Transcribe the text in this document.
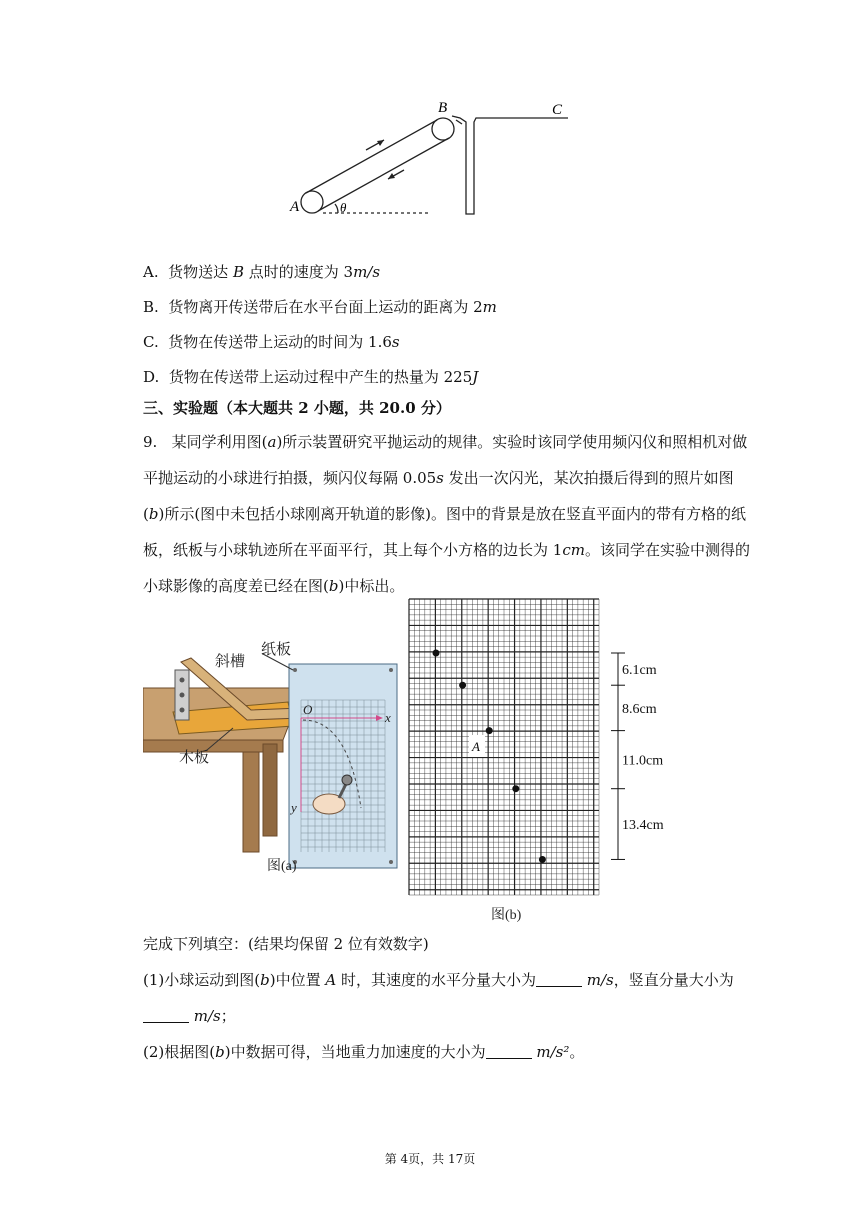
A
B	C
θ
A. 货物送达 B 点时的速度为 3m/s
B. 货物离开传送带后在水平台面上运动的距离为 2m
C. 货物在传送带上运动的时间为 1.6s
D. 货物在传送带上运动过程中产生的热量为 225J
三、实验题（本大题共 2 小题，共 20.0 分）
9. 某同学利用图(a)所示装置研究平抛运动的规律。实验时该同学使用频闪仪和照相机对做平抛运动的小球进行拍摄，频闪仪每隔 0.05s 发出一次闪光，某次拍摄后得到的照片如图(b)所示(图中未包括小球刚离开轨道的影像)。图中的背景是放在竖直平面内的带有方格的纸板，纸板与小球轨迹所在平面平行，其上每个小方格的边长为 1cm。该同学在实验中测得的小球影像的高度差已经在图(b)中标出。
斜槽
纸板
木板
O
x
y
图(a)
A
6.1cm
8.6cm
11.0cm
13.4cm
图(b)
完成下列填空：(结果均保留 2 位有效数字)
(1)小球运动到图(b)中位置 A 时，其速度的水平分量大小为	m/s，竖直分量大小为
m/s；
(2)根据图(b)中数据可得，当地重力加速度的大小为	m/s²。
第 4页，共 17页
